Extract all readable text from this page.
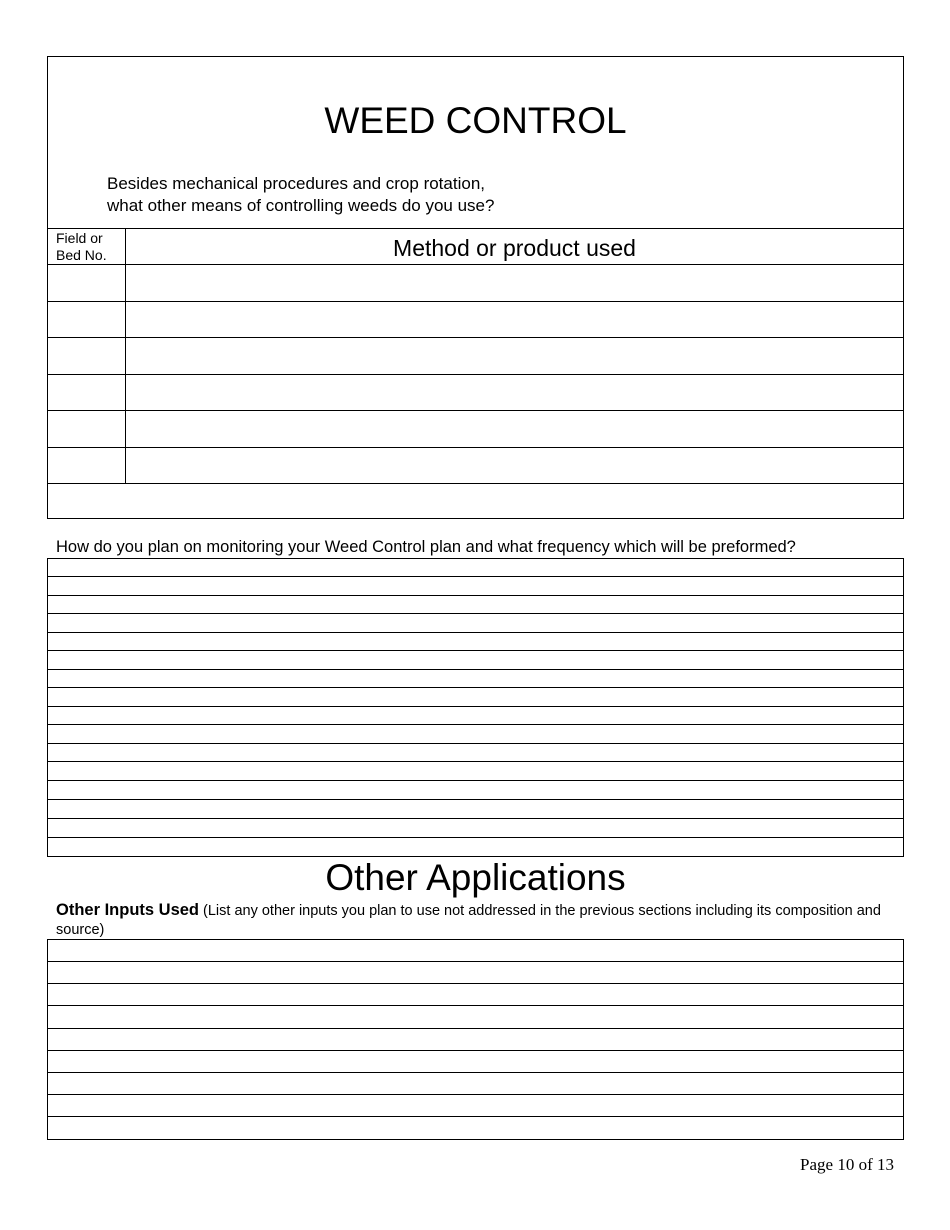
WEED CONTROL
Besides mechanical procedures and crop rotation,
what other means of controlling weeds do you use?
Field or
Bed No.	Method or product used
How do you plan on monitoring your Weed Control plan and what frequency which will be preformed?
Other Applications
Other Inputs Used (List any other inputs you plan to use not addressed in the previous sections including its composition and source)
Page 10 of 13
